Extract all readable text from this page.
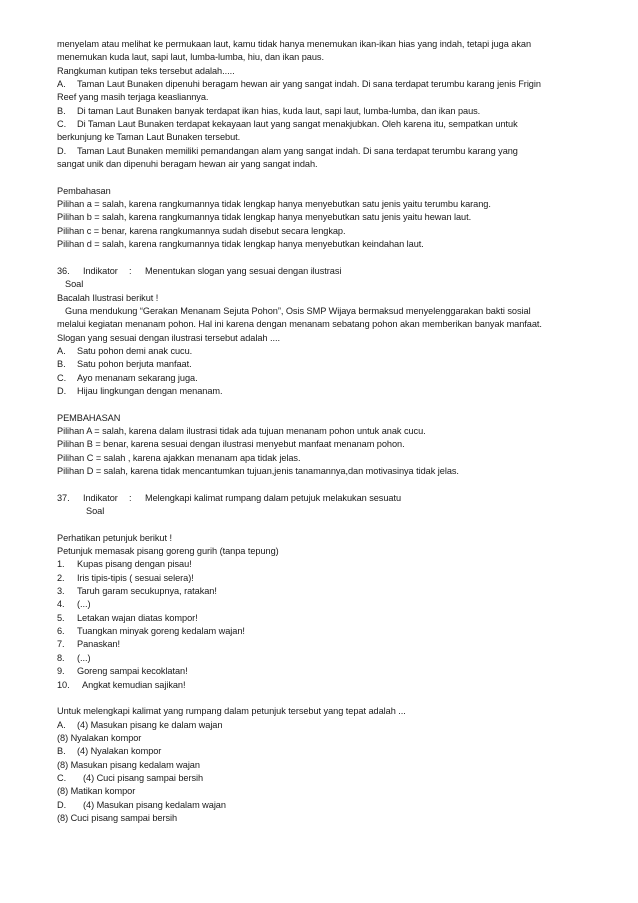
menyelam atau melihat ke permukaan laut, kamu tidak hanya menemukan ikan-ikan hias yang indah, tetapi juga akan
menemukan kuda laut, sapi laut, lumba-lumba, hiu, dan ikan paus.
Rangkuman kutipan teks tersebut adalah.....
A. Taman Laut Bunaken dipenuhi beragam hewan air yang sangat indah. Di sana terdapat terumbu karang jenis Frigin
Reef yang masih terjaga keasliannya.
B. Di taman Laut Bunaken banyak terdapat ikan hias, kuda laut, sapi laut, lumba-lumba, dan ikan paus.
C. Di Taman Laut Bunaken terdapat kekayaan laut yang sangat menakjubkan. Oleh karena itu, sempatkan untuk
berkunjung ke Taman Laut Bunaken tersebut.
D. Taman Laut Bunaken memiliki pemandangan alam yang sangat indah. Di sana terdapat terumbu karang yang
sangat unik dan dipenuhi beragam hewan air yang sangat indah.
Pembahasan
Pilihan a = salah, karena rangkumannya tidak lengkap hanya menyebutkan satu jenis yaitu terumbu karang.
Pilihan b = salah, karena rangkumannya tidak lengkap hanya menyebutkan satu jenis yaitu hewan laut.
Pilihan c = benar, karena rangkumannya sudah disebut secara lengkap.
Pilihan d = salah, karena rangkumannya tidak lengkap hanya menyebutkan keindahan laut.
36. Indikator : Menentukan slogan yang sesuai dengan ilustrasi
Soal
Bacalah Ilustrasi berikut !
Guna mendukung “Gerakan Menanam Sejuta Pohon”, Osis SMP Wijaya bermaksud menyelenggarakan bakti sosial
melalui kegiatan menanam pohon. Hal ini karena dengan menanam sebatang pohon akan memberikan banyak manfaat.
Slogan yang sesuai dengan ilustrasi tersebut adalah ....
A. Satu pohon demi anak cucu.
B. Satu pohon berjuta manfaat.
C. Ayo menanam sekarang juga.
D. Hijau lingkungan dengan menanam.
PEMBAHASAN
Pilihan A = salah, karena dalam ilustrasi tidak ada tujuan menanam pohon untuk anak cucu.
Pilihan B = benar, karena sesuai dengan ilustrasi menyebut manfaat menanam pohon.
Pilihan C = salah , karena ajakkan menanam apa tidak jelas.
Pilihan D = salah, karena tidak mencantumkan tujuan,jenis tanamannya,dan motivasinya tidak jelas.
37. Indikator : Melengkapi kalimat rumpang dalam petujuk melakukan sesuatu
Soal
Perhatikan petunjuk berikut !
Petunjuk memasak pisang goreng gurih (tanpa tepung)
1. Kupas pisang dengan pisau!
2. Iris tipis-tipis ( sesuai selera)!
3. Taruh garam secukupnya, ratakan!
4. (...)
5. Letakan wajan diatas kompor!
6. Tuangkan minyak goreng kedalam wajan!
7. Panaskan!
8. (...)
9. Goreng sampai kecoklatan!
10. Angkat kemudian sajikan!
Untuk melengkapi kalimat yang rumpang dalam petunjuk tersebut yang tepat adalah ...
A. (4) Masukan pisang ke dalam wajan
(8) Nyalakan kompor
B. (4) Nyalakan kompor
(8) Masukan pisang kedalam wajan
C. (4) Cuci pisang sampai bersih
(8) Matikan kompor
D. (4) Masukan pisang kedalam wajan
(8) Cuci pisang sampai bersih
